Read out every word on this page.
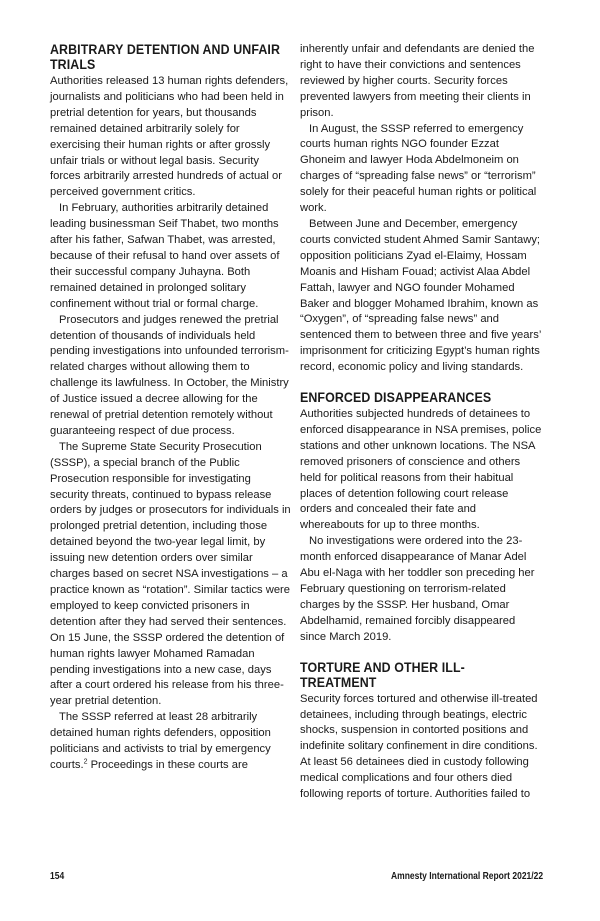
ARBITRARY DETENTION AND UNFAIR TRIALS

Authorities released 13 human rights defenders, journalists and politicians who had been held in pretrial detention for years, but thousands remained detained arbitrarily solely for exercising their human rights or after grossly unfair trials or without legal basis. Security forces arbitrarily arrested hundreds of actual or perceived government critics.

In February, authorities arbitrarily detained leading businessman Seif Thabet, two months after his father, Safwan Thabet, was arrested, because of their refusal to hand over assets of their successful company Juhayna. Both remained detained in prolonged solitary confinement without trial or formal charge.

Prosecutors and judges renewed the pretrial detention of thousands of individuals held pending investigations into unfounded terrorism-related charges without allowing them to challenge its lawfulness. In October, the Ministry of Justice issued a decree allowing for the renewal of pretrial detention remotely without guaranteeing respect of due process.

The Supreme State Security Prosecution (SSSP), a special branch of the Public Prosecution responsible for investigating security threats, continued to bypass release orders by judges or prosecutors for individuals in prolonged pretrial detention, including those detained beyond the two-year legal limit, by issuing new detention orders over similar charges based on secret NSA investigations – a practice known as “rotation”. Similar tactics were employed to keep convicted prisoners in detention after they had served their sentences. On 15 June, the SSSP ordered the detention of human rights lawyer Mohamed Ramadan pending investigations into a new case, days after a court ordered his release from his three-year pretrial detention.

The SSSP referred at least 28 arbitrarily detained human rights defenders, opposition politicians and activists to trial by emergency courts.$^2$ Proceedings in these courts are

inherently unfair and defendants are denied the right to have their convictions and sentences reviewed by higher courts. Security forces prevented lawyers from meeting their clients in prison.

In August, the SSSP referred to emergency courts human rights NGO founder Ezzat Ghoneim and lawyer Hoda Abdelmoneim on charges of “spreading false news” or “terrorism” solely for their peaceful human rights or political work.

Between June and December, emergency courts convicted student Ahmed Samir Santawy; opposition politicians Zyad el-Elaimy, Hossam Moanis and Hisham Fouad; activist Alaa Abdel Fattah, lawyer and NGO founder Mohamed Baker and blogger Mohamed Ibrahim, known as “Oxygen”, of “spreading false news” and sentenced them to between three and five years’ imprisonment for criticizing Egypt’s human rights record, economic policy and living standards.

ENFORCED DISAPPEARANCES

Authorities subjected hundreds of detainees to enforced disappearance in NSA premises, police stations and other unknown locations. The NSA removed prisoners of conscience and others held for political reasons from their habitual places of detention following court release orders and concealed their fate and whereabouts for up to three months.

No investigations were ordered into the 23-month enforced disappearance of Manar Adel Abu el-Naga with her toddler son preceding her February questioning on terrorism-related charges by the SSSP. Her husband, Omar Abdelhamid, remained forcibly disappeared since March 2019.

TORTURE AND OTHER ILL-TREATMENT

Security forces tortured and otherwise ill-treated detainees, including through beatings, electric shocks, suspension in contorted positions and indefinite solitary confinement in dire conditions. At least 56 detainees died in custody following medical complications and four others died following reports of torture. Authorities failed to

154	Amnesty International Report 2021/22
